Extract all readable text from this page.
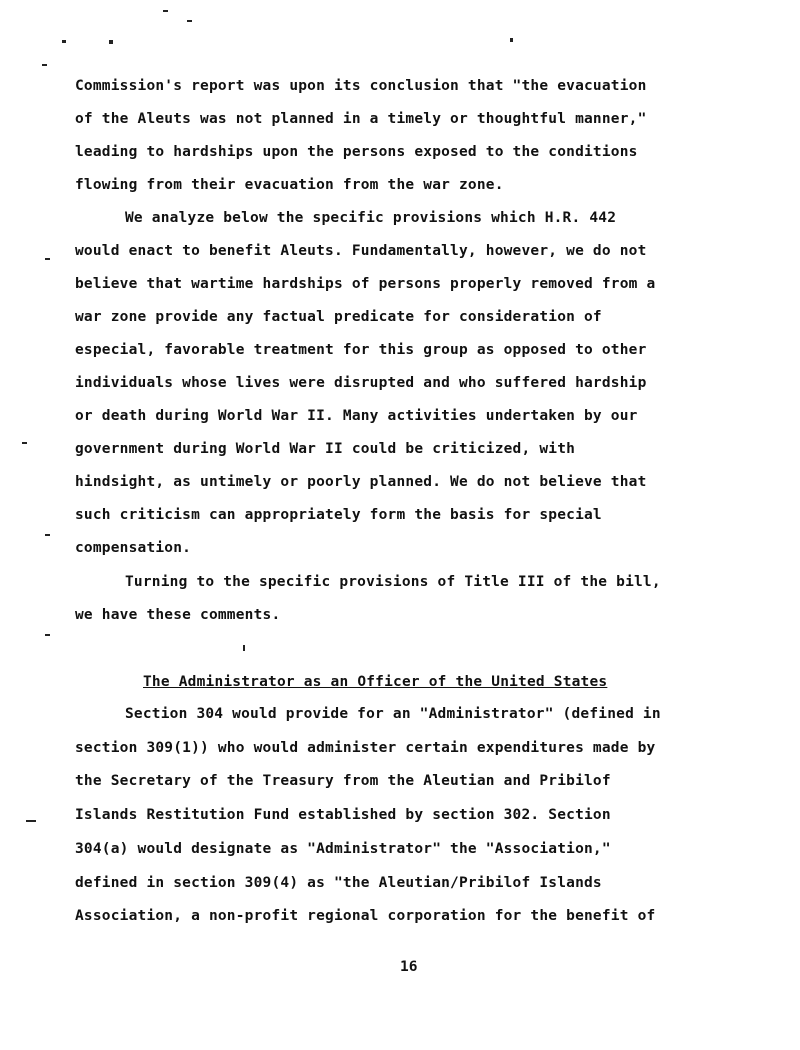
Commission's report was upon its conclusion that "the evacuation
of the Aleuts was not planned in a timely or thoughtful manner,"
leading to hardships upon the persons exposed to the conditions
flowing from their evacuation from the war zone.
We analyze below the specific provisions which H.R. 442
would enact to benefit Aleuts. Fundamentally, however, we do not
believe that wartime hardships of persons properly removed from a
war zone provide any factual predicate for consideration of
especial, favorable treatment for this group as opposed to other
individuals whose lives were disrupted and who suffered hardship
or death during World War II. Many activities undertaken by our
government during World War II could be criticized, with
hindsight, as untimely or poorly planned. We do not believe that
such criticism can appropriately form the basis for special
compensation.
Turning to the specific provisions of Title III of the bill,
we have these comments.
The Administrator as an Officer of the United States
Section 304 would provide for an "Administrator" (defined in
section 309(1)) who would administer certain expenditures made by
the Secretary of the Treasury from the Aleutian and Pribilof
Islands Restitution Fund established by section 302. Section
304(a) would designate as "Administrator" the "Association,"
defined in section 309(4) as "the Aleutian/Pribilof Islands
Association, a non-profit regional corporation for the benefit of
16
